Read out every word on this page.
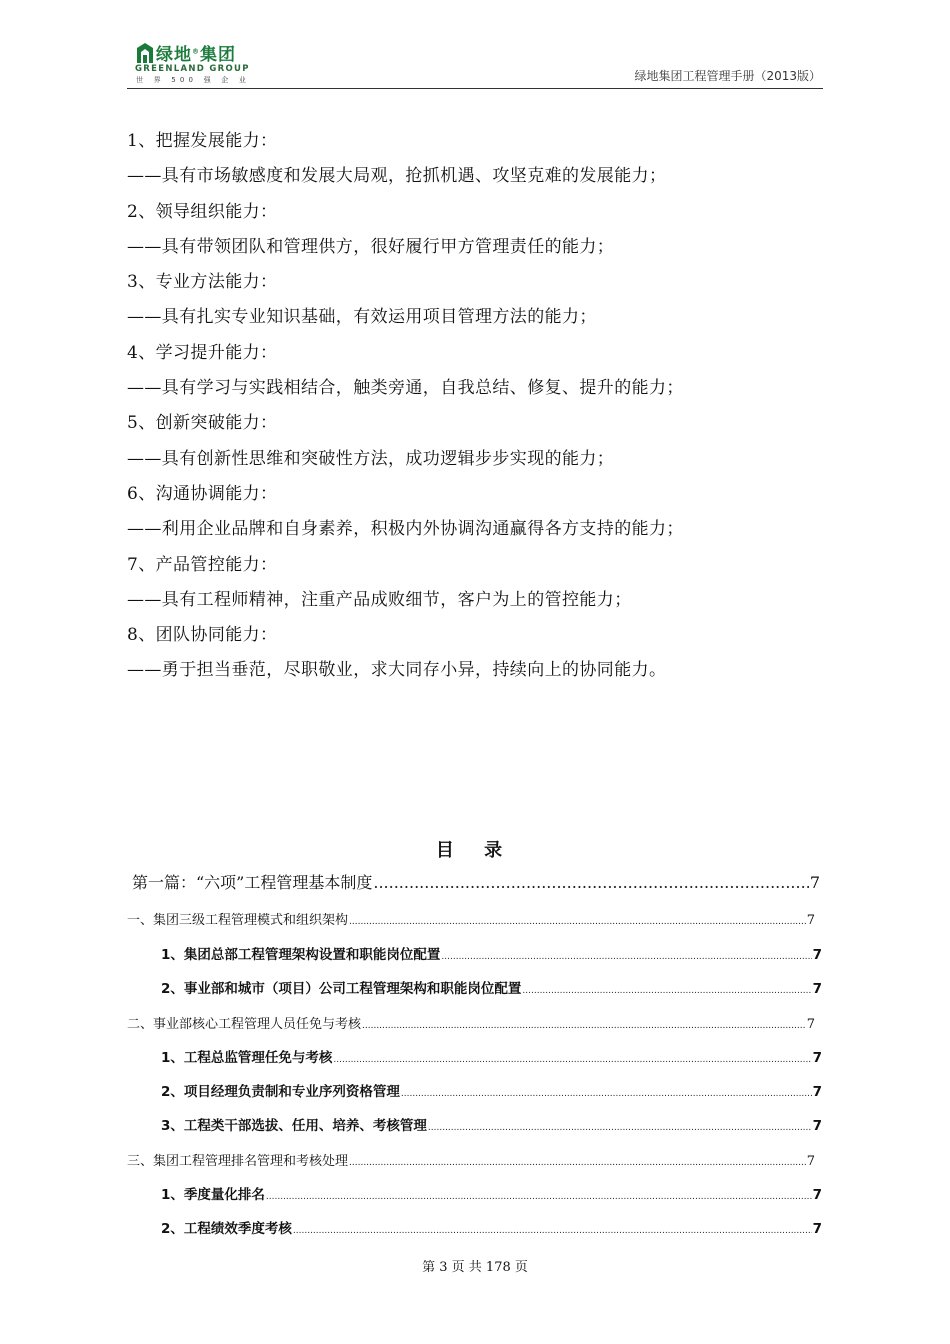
绿地®集团
GREENLAND GROUP
世 界 500 强 企 业	绿地集团工程管理手册（2013版）
1、把握发展能力：
——具有市场敏感度和发展大局观，抢抓机遇、攻坚克难的发展能力；
2、领导组织能力：
——具有带领团队和管理供方，很好履行甲方管理责任的能力；
3、专业方法能力：
——具有扎实专业知识基础，有效运用项目管理方法的能力；
4、学习提升能力：
——具有学习与实践相结合，触类旁通，自我总结、修复、提升的能力；
5、创新突破能力：
——具有创新性思维和突破性方法，成功逻辑步步实现的能力；
6、沟通协调能力：
——利用企业品牌和自身素养，积极内外协调沟通赢得各方支持的能力；
7、产品管控能力：
——具有工程师精神，注重产品成败细节，客户为上的管控能力；
8、团队协同能力：
——勇于担当垂范，尽职敬业，求大同存小异，持续向上的协同能力。
目 录
第一篇：“六项”工程管理基本制度 .....	7
一、集团三级工程管理模式和组织架构 .....	7
1、集团总部工程管理架构设置和职能岗位配置 .....	7
2、事业部和城市（项目）公司工程管理架构和职能岗位配置 .....	7
二、事业部核心工程管理人员任免与考核 .....	7
1、工程总监管理任免与考核 .....	7
2、项目经理负责制和专业序列资格管理 .....	7
3、工程类干部选拔、任用、培养、考核管理 .....	7
三、集团工程管理排名管理和考核处理 .....	7
1、季度量化排名 .....	7
2、工程绩效季度考核 .....	7
第 3 页 共 178 页
